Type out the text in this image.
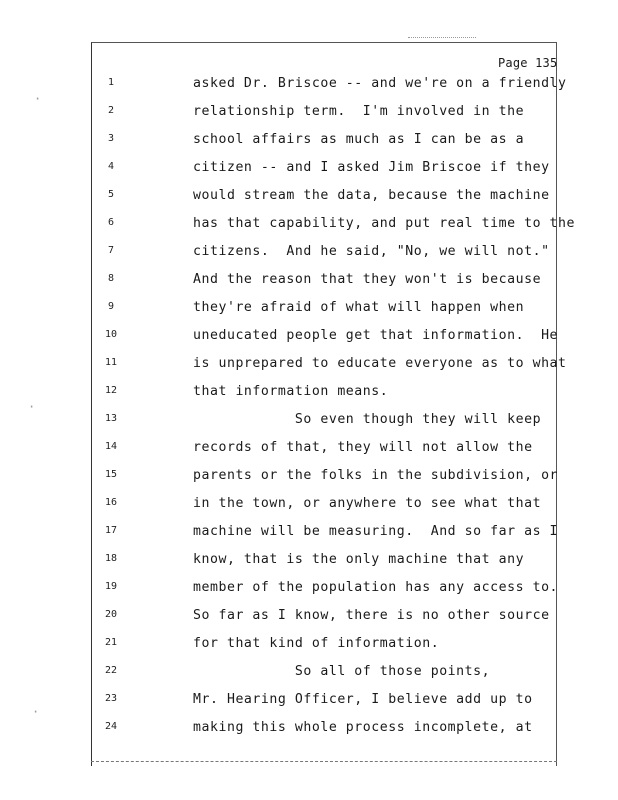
·
·
·
Page 135
1	asked Dr. Briscoe -- and we're on a friendly
2	relationship term.  I'm involved in the
3	school affairs as much as I can be as a
4	citizen -- and I asked Jim Briscoe if they
5	would stream the data, because the machine
6	has that capability, and put real time to the
7	citizens.  And he said, "No, we will not."
8	And the reason that they won't is because
9	they're afraid of what will happen when
10	uneducated people get that information.  He
11	is unprepared to educate everyone as to what
12	that information means.
13	So even though they will keep
14	records of that, they will not allow the
15	parents or the folks in the subdivision, or
16	in the town, or anywhere to see what that
17	machine will be measuring.  And so far as I
18	know, that is the only machine that any
19	member of the population has any access to.
20	So far as I know, there is no other source
21	for that kind of information.
22	So all of those points,
23	Mr. Hearing Officer, I believe add up to
24	making this whole process incomplete, at
